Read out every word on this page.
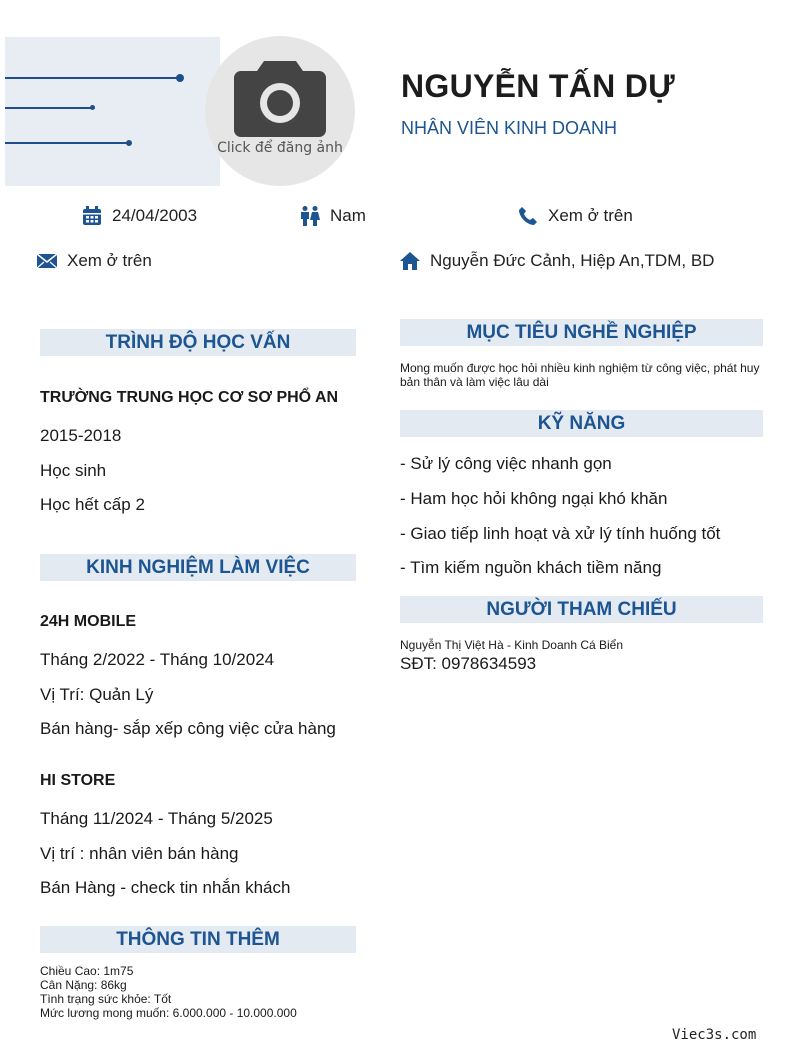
Click để đăng ảnh
NGUYỄN TẤN DỰ
NHÂN VIÊN KINH DOANH
24/04/2003	Nam	Xem ở trên
Xem ở trên	Nguyễn Đức Cảnh, Hiệp An,TDM, BD
TRÌNH ĐỘ HỌC VẤN
TRƯỜNG TRUNG HỌC CƠ SƠ PHỔ AN
2015-2018
Học sinh
Học hết cấp 2
KINH NGHIỆM LÀM VIỆC
24H MOBILE
Tháng 2/2022 - Tháng 10/2024
Vị Trí: Quản Lý
Bán hàng- sắp xếp công việc cửa hàng
HI STORE
Tháng 11/2024 - Tháng 5/2025
Vị trí : nhân viên bán hàng
Bán Hàng - check tin nhắn khách
THÔNG TIN THÊM
Chiều Cao: 1m75
Cân Nặng: 86kg
Tình trạng sức khỏe: Tốt
Mức lương mong muốn: 6.000.000 - 10.000.000
MỤC TIÊU NGHỀ NGHIỆP
Mong muốn được học hỏi nhiều kinh nghiệm từ công việc, phát huy bản thân và làm việc lâu dài
KỸ NĂNG
- Sử lý công việc nhanh gọn
- Ham học hỏi không ngại khó khăn
- Giao tiếp linh hoạt và xử lý tính huống tốt
- Tìm kiếm nguồn khách tiềm năng
NGƯỜI THAM CHIẾU
Nguyễn Thị Việt Hà - Kinh Doanh Cá Biển
SĐT: 0978634593
Viec3s.com
